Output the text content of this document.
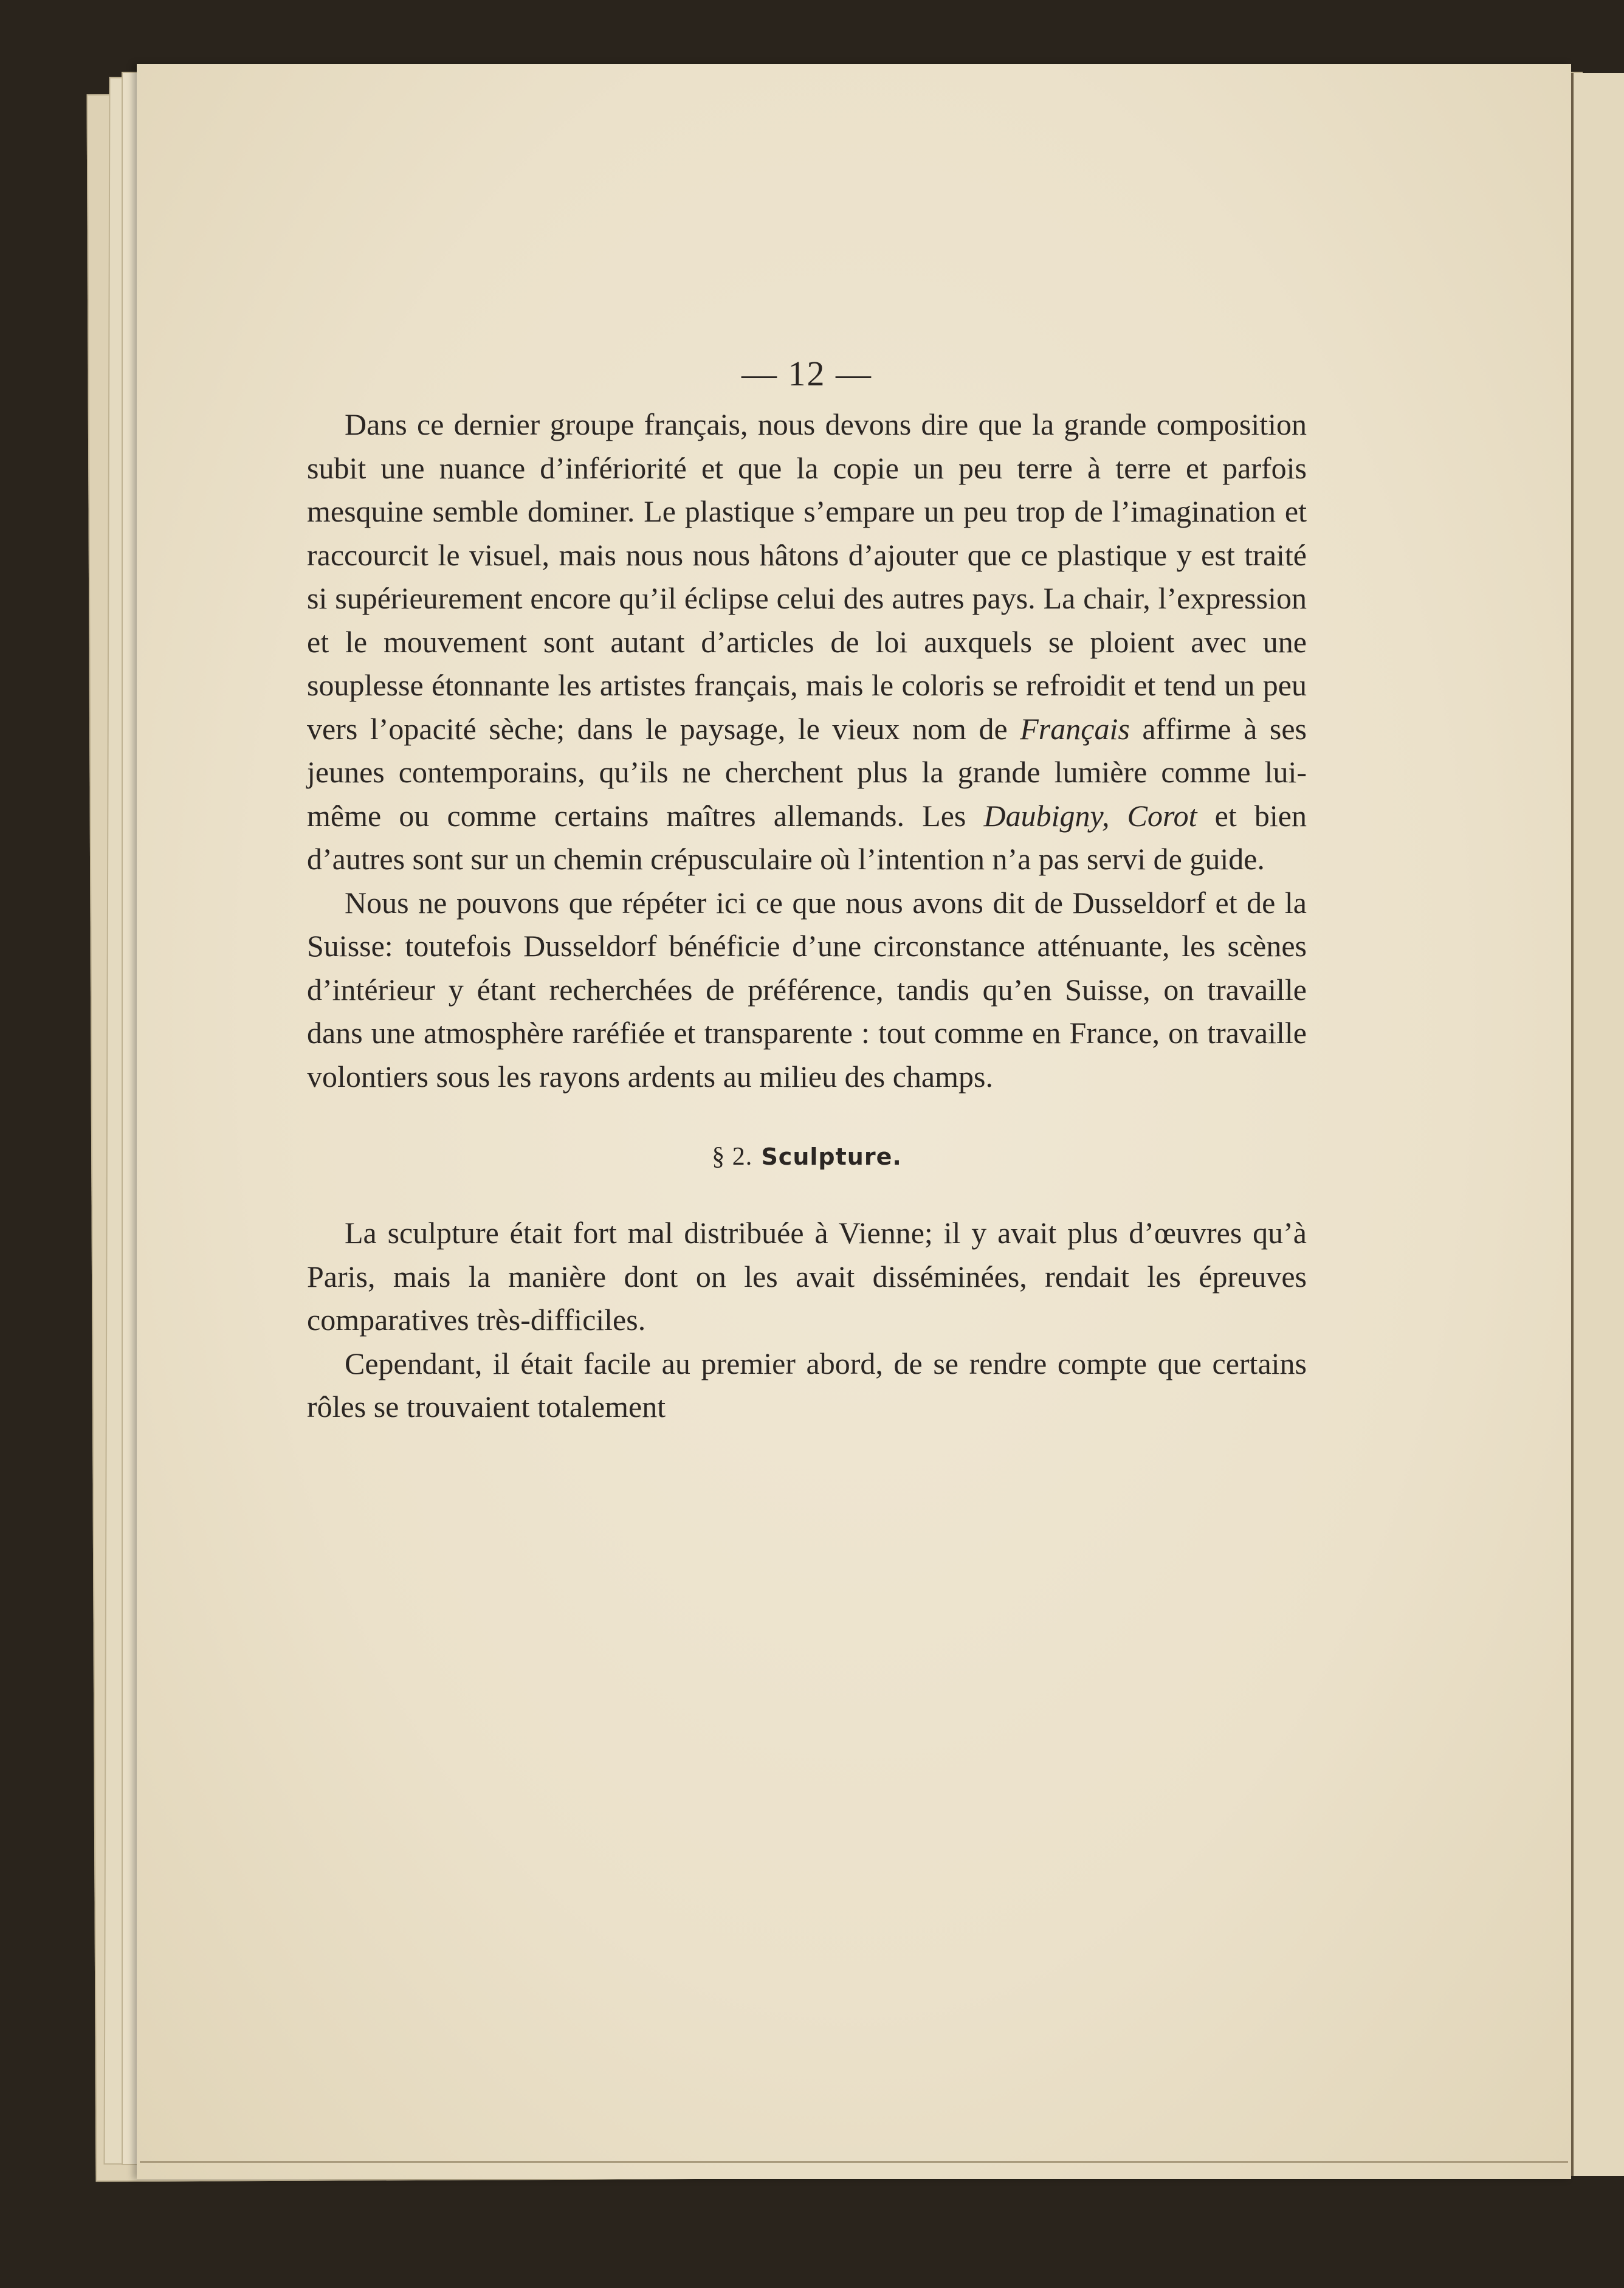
— 12 —

Dans ce dernier groupe français, nous devons dire que la grande composition subit une nuance d’infériorité et que la copie un peu terre à terre et parfois mesquine semble dominer. Le plastique s’empare un peu trop de l’imagination et raccourcit le visuel, mais nous nous hâtons d’ajouter que ce plastique y est traité si supérieurement encore qu’il éclipse celui des autres pays. La chair, l’expression et le mouvement sont autant d’articles de loi auxquels se ploient avec une souplesse étonnante les artistes français, mais le coloris se refroidit et tend un peu vers l’opacité sèche; dans le paysage, le vieux nom de Français affirme à ses jeunes contemporains, qu’ils ne cherchent plus la grande lumière comme lui-même ou comme certains maîtres allemands. Les Daubigny, Corot et bien d’autres sont sur un chemin crépusculaire où l’intention n’a pas servi de guide.

Nous ne pouvons que répéter ici ce que nous avons dit de Dusseldorf et de la Suisse: toutefois Dusseldorf bénéficie d’une circonstance atténuante, les scènes d’intérieur y étant recherchées de préférence, tandis qu’en Suisse, on travaille dans une atmosphère raréfiée et transparente : tout comme en France, on travaille volontiers sous les rayons ardents au milieu des champs.

§ 2. Sculpture.

La sculpture était fort mal distribuée à Vienne; il y avait plus d’œuvres qu’à Paris, mais la manière dont on les avait disséminées, rendait les épreuves comparatives très-difficiles.

Cependant, il était facile au premier abord, de se rendre compte que certains rôles se trouvaient totalement
